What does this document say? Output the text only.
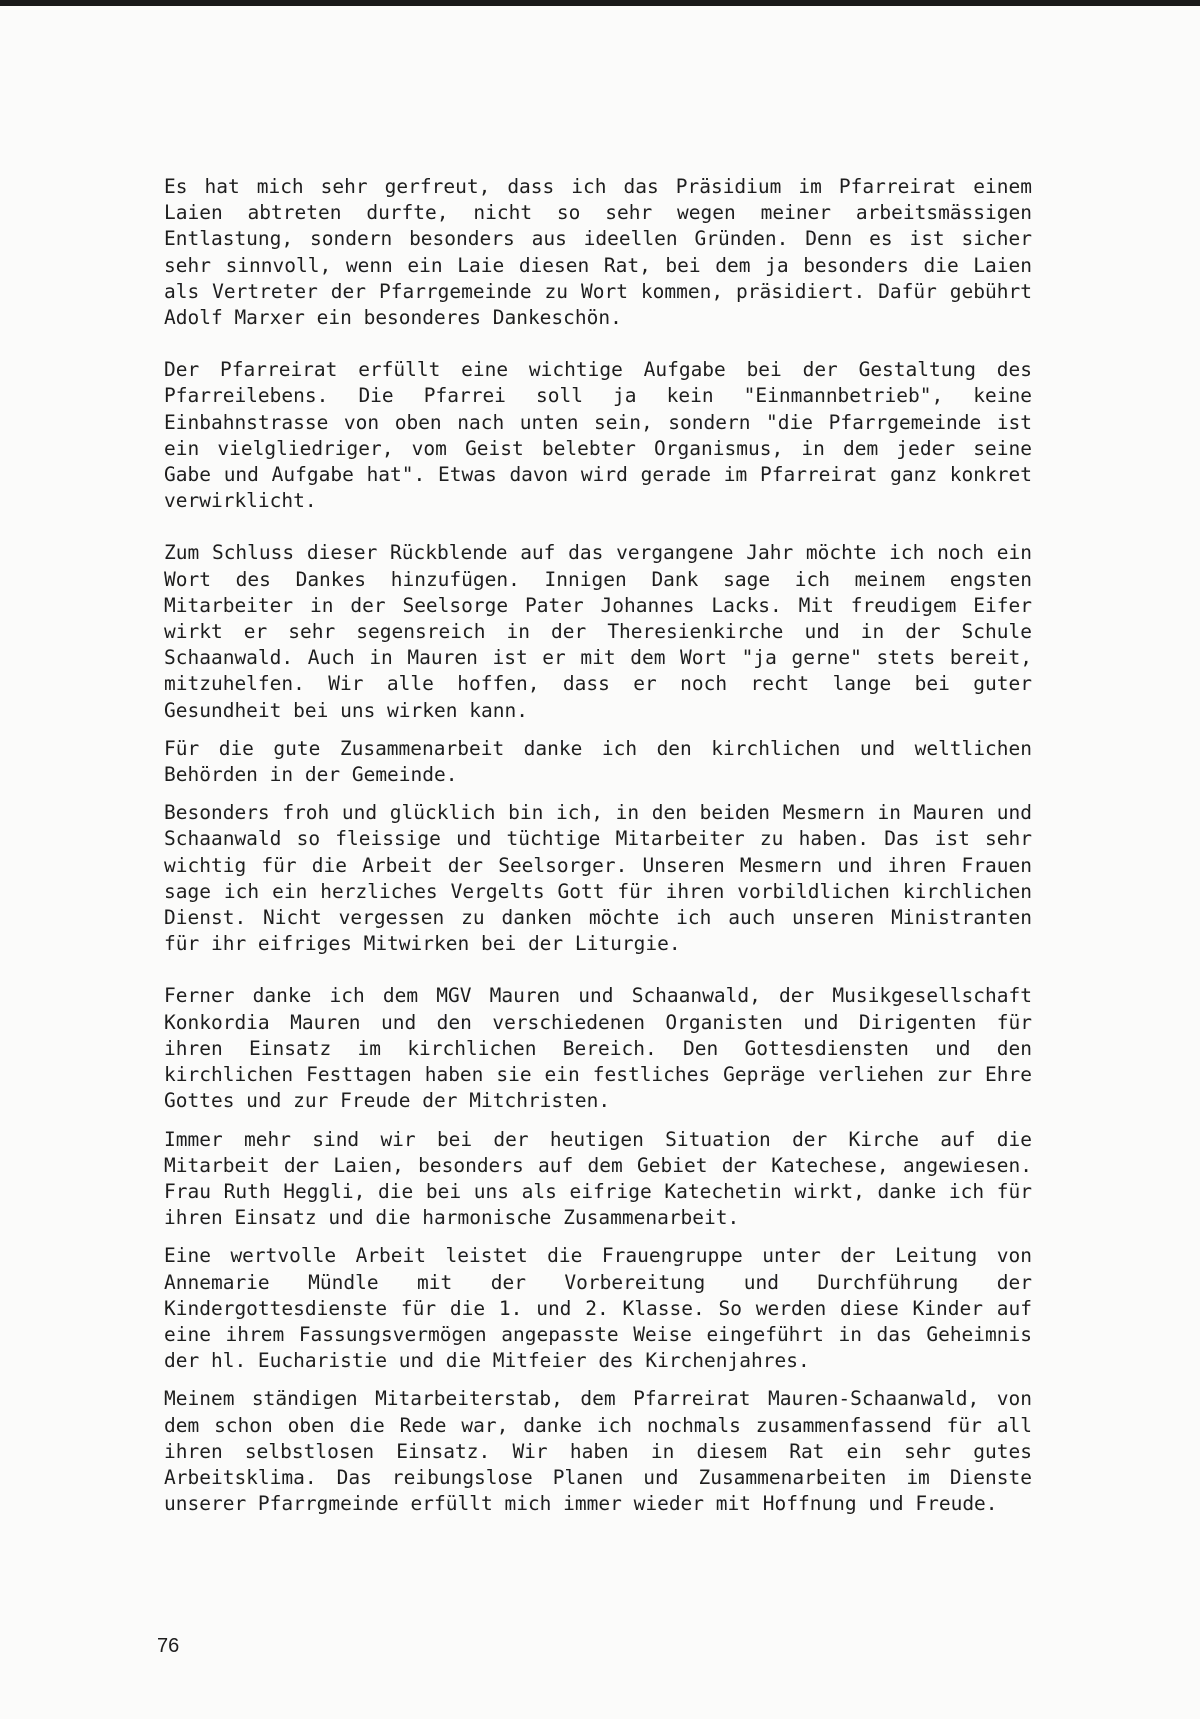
Es hat mich sehr gerfreut, dass ich das Präsidium im Pfarreirat einem Laien abtreten durfte, nicht so sehr wegen meiner arbeitsmässigen Entlastung, sondern besonders aus ideellen Gründen. Denn es ist sicher sehr sinnvoll, wenn ein Laie diesen Rat, bei dem ja besonders die Laien als Vertreter der Pfarrgemeinde zu Wort kommen, präsidiert. Dafür gebührt Adolf Marxer ein besonderes Dankeschön.

Der Pfarreirat erfüllt eine wichtige Aufgabe bei der Gestaltung des Pfarreilebens. Die Pfarrei soll ja kein "Einmannbetrieb", keine Einbahnstrasse von oben nach unten sein, sondern "die Pfarrgemeinde ist ein vielgliedriger, vom Geist belebter Organismus, in dem jeder seine Gabe und Aufgabe hat". Etwas davon wird gerade im Pfarreirat ganz konkret verwirklicht.

Zum Schluss dieser Rückblende auf das vergangene Jahr möchte ich noch ein Wort des Dankes hinzufügen. Innigen Dank sage ich meinem engsten Mitarbeiter in der Seelsorge Pater Johannes Lacks. Mit freudigem Eifer wirkt er sehr segensreich in der Theresienkirche und in der Schule Schaanwald. Auch in Mauren ist er mit dem Wort "ja gerne" stets bereit, mitzuhelfen. Wir alle hoffen, dass er noch recht lange bei guter Gesundheit bei uns wirken kann.

Für die gute Zusammenarbeit danke ich den kirchlichen und weltlichen Behörden in der Gemeinde.

Besonders froh und glücklich bin ich, in den beiden Mesmern in Mauren und Schaanwald so fleissige und tüchtige Mitarbeiter zu haben. Das ist sehr wichtig für die Arbeit der Seelsorger. Unseren Mesmern und ihren Frauen sage ich ein herzliches Vergelts Gott für ihren vorbildlichen kirchlichen Dienst. Nicht vergessen zu danken möchte ich auch unseren Ministranten für ihr eifriges Mitwirken bei der Liturgie.

Ferner danke ich dem MGV Mauren und Schaanwald, der Musikgesellschaft Konkordia Mauren und den verschiedenen Organisten und Dirigenten für ihren Einsatz im kirchlichen Bereich. Den Gottesdiensten und den kirchlichen Festtagen haben sie ein festliches Gepräge verliehen zur Ehre Gottes und zur Freude der Mitchristen.

Immer mehr sind wir bei der heutigen Situation der Kirche auf die Mitarbeit der Laien, besonders auf dem Gebiet der Katechese, angewiesen. Frau Ruth Heggli, die bei uns als eifrige Katechetin wirkt, danke ich für ihren Einsatz und die harmonische Zusammenarbeit.

Eine wertvolle Arbeit leistet die Frauengruppe unter der Leitung von Annemarie Mündle mit der Vorbereitung und Durchführung der Kindergottesdienste für die 1. und 2. Klasse. So werden diese Kinder auf eine ihrem Fassungsvermögen angepasste Weise eingeführt in das Geheimnis der hl. Eucharistie und die Mitfeier des Kirchenjahres.

Meinem ständigen Mitarbeiterstab, dem Pfarreirat Mauren-Schaanwald, von dem schon oben die Rede war, danke ich nochmals zusammenfassend für all ihren selbstlosen Einsatz. Wir haben in diesem Rat ein sehr gutes Arbeitsklima. Das reibungslose Planen und Zusammenarbeiten im Dienste unserer Pfarrgmeinde erfüllt mich immer wieder mit Hoffnung und Freude.

76
